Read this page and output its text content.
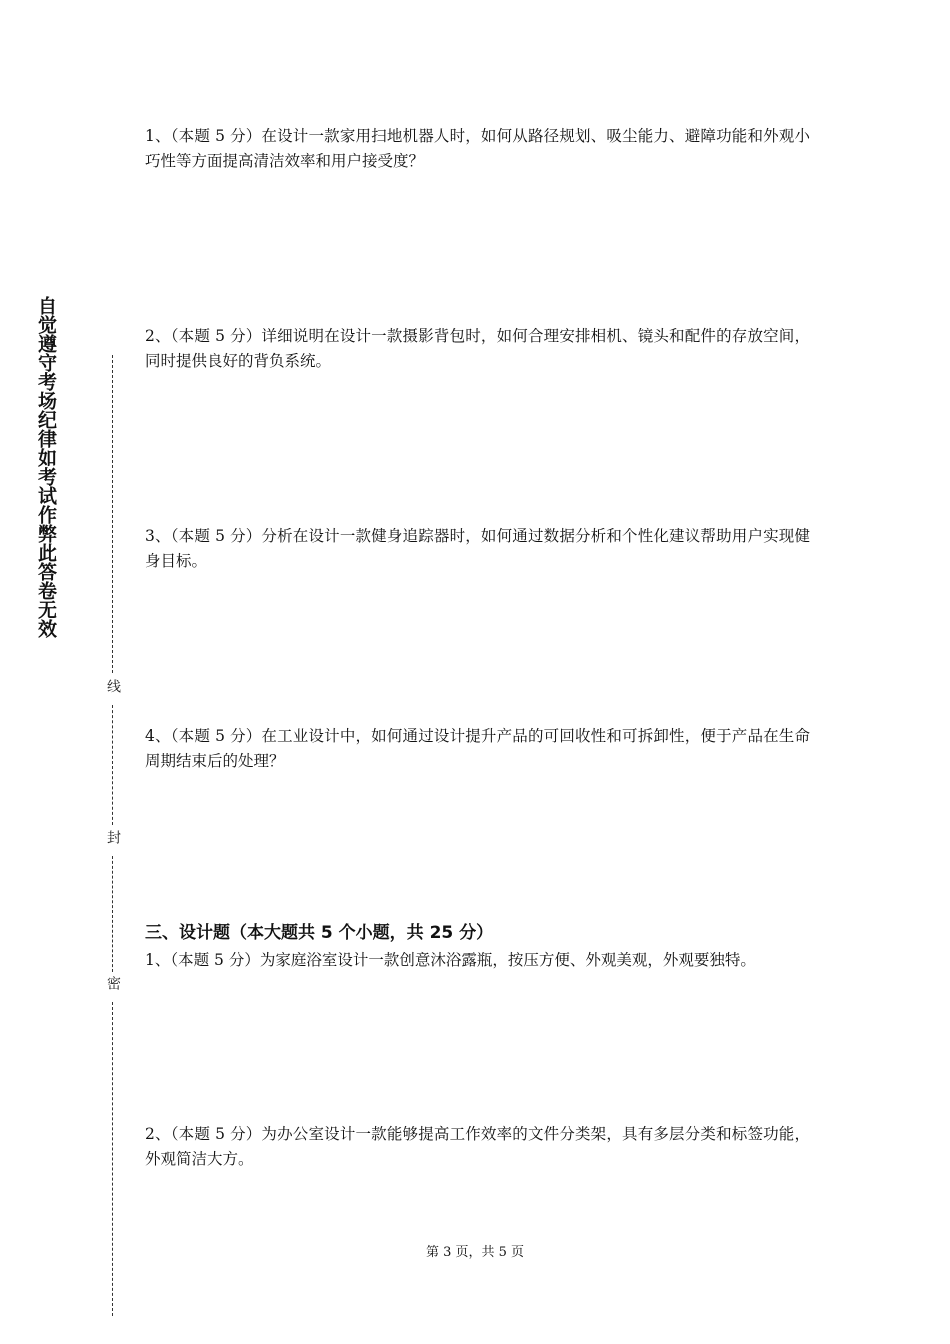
自觉遵守考场纪律如考试作弊此答卷无效
线
封
密

1、（本题 5 分）在设计一款家用扫地机器人时，如何从路径规划、吸尘能力、避障功能和外观小巧性等方面提高清洁效率和用户接受度？

2、（本题 5 分）详细说明在设计一款摄影背包时，如何合理安排相机、镜头和配件的存放空间，同时提供良好的背负系统。

3、（本题 5 分）分析在设计一款健身追踪器时，如何通过数据分析和个性化建议帮助用户实现健身目标。

4、（本题 5 分）在工业设计中，如何通过设计提升产品的可回收性和可拆卸性，便于产品在生命周期结束后的处理？

三、设计题（本大题共 5 个小题，共 25 分）

1、（本题 5 分）为家庭浴室设计一款创意沐浴露瓶，按压方便、外观美观，外观要独特。

2、（本题 5 分）为办公室设计一款能够提高工作效率的文件分类架，具有多层分类和标签功能，外观简洁大方。

第 3 页，共 5 页
